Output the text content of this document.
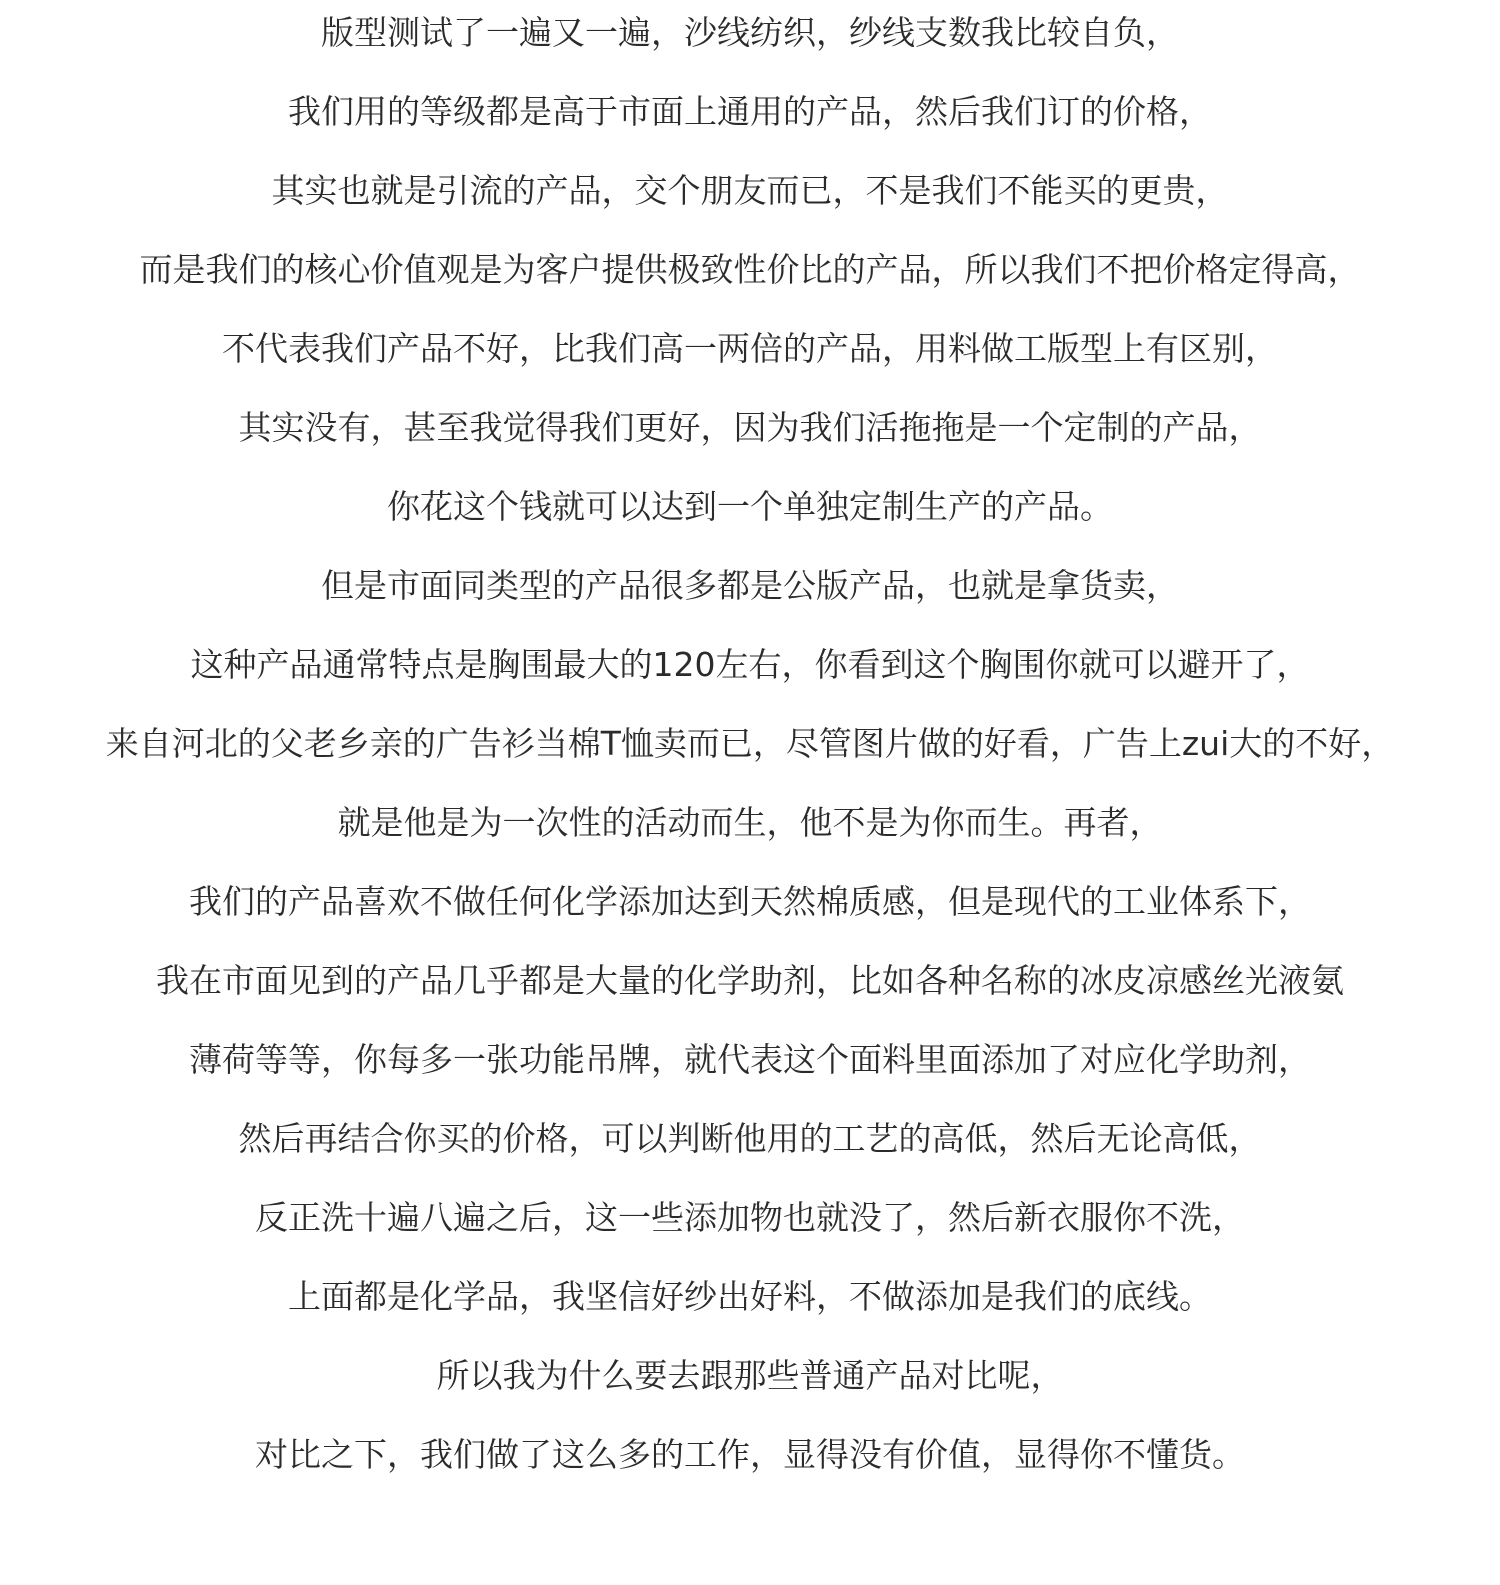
版型测试了一遍又一遍，沙线纺织，纱线支数我比较自负，
我们用的等级都是高于市面上通用的产品，然后我们订的价格，
其实也就是引流的产品，交个朋友而已，不是我们不能买的更贵，
而是我们的核心价值观是为客户提供极致性价比的产品，所以我们不把价格定得高，
不代表我们产品不好，比我们高一两倍的产品，用料做工版型上有区别，
其实没有，甚至我觉得我们更好，因为我们活拖拖是一个定制的产品，
你花这个钱就可以达到一个单独定制生产的产品。
但是市面同类型的产品很多都是公版产品，也就是拿货卖，
这种产品通常特点是胸围最大的120左右，你看到这个胸围你就可以避开了，
来自河北的父老乡亲的广告衫当棉T恤卖而已，尽管图片做的好看，广告上zui大的不好，
就是他是为一次性的活动而生，他不是为你而生。再者，
我们的产品喜欢不做任何化学添加达到天然棉质感，但是现代的工业体系下，
我在市面见到的产品几乎都是大量的化学助剂，比如各种名称的冰皮凉感丝光液氨
薄荷等等，你每多一张功能吊牌，就代表这个面料里面添加了对应化学助剂，
然后再结合你买的价格，可以判断他用的工艺的高低，然后无论高低，
反正洗十遍八遍之后，这一些添加物也就没了，然后新衣服你不洗，
上面都是化学品，我坚信好纱出好料，不做添加是我们的底线。
所以我为什么要去跟那些普通产品对比呢，
对比之下，我们做了这么多的工作，显得没有价值，显得你不懂货。
